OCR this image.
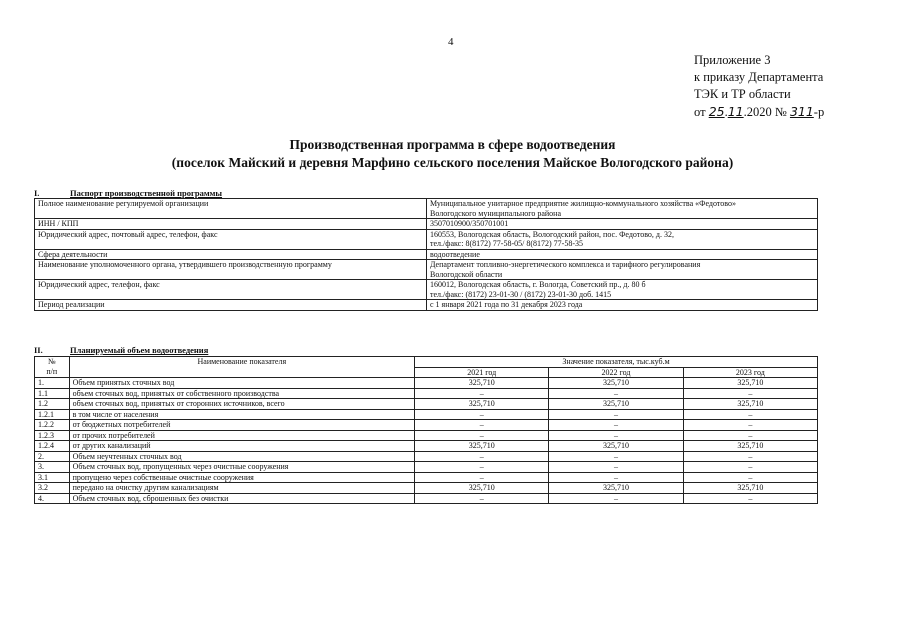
4
Приложение 3
к приказу Департамента
ТЭК и ТР области
от 25.11.2020 № 311-р
Производственная программа в сфере водоотведения
(поселок Майский и деревня Марфино сельского поселения Майское Вологодского района)
I.	Паспорт производственной программы
Полное наименование регулируемой организации	Муниципальное унитарное предприятие жилищно-коммунального хозяйства «Федотово»
Вологодского муниципального района

ИНН / КПП	3507010900/350701001

Юридический адрес, почтовый адрес, телефон, факс	160553, Вологодская область, Вологодский район, пос. Федотово, д. 32,
тел./факс: 8(8172) 77-58-05/ 8(8172) 77-58-35

Сфера деятельности	водоотведение

Наименование уполномоченного органа, утвердившего производственную программу	Департамент топливно-энергетического комплекса и тарифного регулирования
Вологодской области

Юридический адрес, телефон, факс	160012, Вологодская область, г. Вологда, Советский пр., д. 80 б
тел./факс: (8172) 23-01-30 / (8172) 23-01-30 доб. 1415

Период реализации	с 1 января 2021 года по 31 декабря 2023 года
II.	Планируемый объем водоотведения
№
п/п	Наименование показателя	Значение показателя, тыс.куб.м		
		2021 год	2022 год	2023 год
1.	Объем принятых сточных вод	325,710	325,710	325,710
1.1	объем сточных вод, принятых от собственного производства	–	–	–
1.2	объем сточных вод, принятых от сторонних источников, всего	325,710	325,710	325,710
1.2.1	в том числе от населения	–	–	–
1.2.2	от бюджетных потребителей	–	–	–
1.2.3	от прочих потребителей	–	–	–
1.2.4	от других канализаций	325,710	325,710	325,710
2.	Объем неучтенных сточных вод	–	–	–
3.	Объем сточных вод, пропущенных через очистные сооружения	–	–	–
3.1	пропущено через собственные очистные сооружения	–	–	–
3.2	передано на очистку другим канализациям	325,710	325,710	325,710
4.	Объем сточных вод, сброшенных без очистки	–	–	–
